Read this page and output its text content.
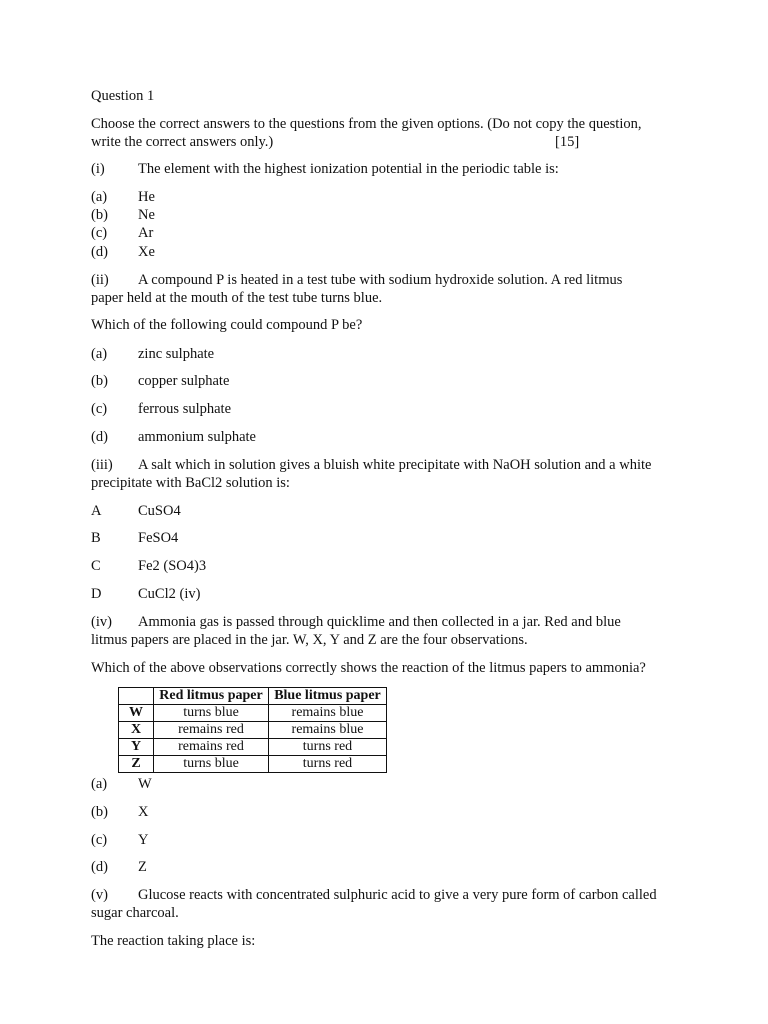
Question 1
Choose the correct answers to the questions from the given options. (Do not copy the question,
write the correct answers only.)	[15]
(i) The element with the highest ionization potential in the periodic table is:
(a) He
(b) Ne
(c) Ar
(d) Xe
(ii) A compound P is heated in a test tube with sodium hydroxide solution. A red litmus
paper held at the mouth of the test tube turns blue.
Which of the following could compound P be?
(a) zinc sulphate
(b) copper sulphate
(c) ferrous sulphate
(d) ammonium sulphate
(iii) A salt which in solution gives a bluish white precipitate with NaOH solution and a white
precipitate with BaCl2 solution is:
A	CuSO4
B	FeSO4
C	Fe2 (SO4)3
D	CuCl2 (iv)
(iv) Ammonia gas is passed through quicklime and then collected in a jar. Red and blue
litmus papers are placed in the jar. W, X, Y and Z are the four observations.
Which of the above observations correctly shows the reaction of the litmus papers to ammonia?
	Red litmus paper	Blue litmus paper
W	turns blue	remains blue
X	remains red	remains blue
Y	remains red	turns red
Z	turns blue	turns red
(a) W
(b) X
(c) Y
(d) Z
(v) Glucose reacts with concentrated sulphuric acid to give a very pure form of carbon called
sugar charcoal.
The reaction taking place is:
